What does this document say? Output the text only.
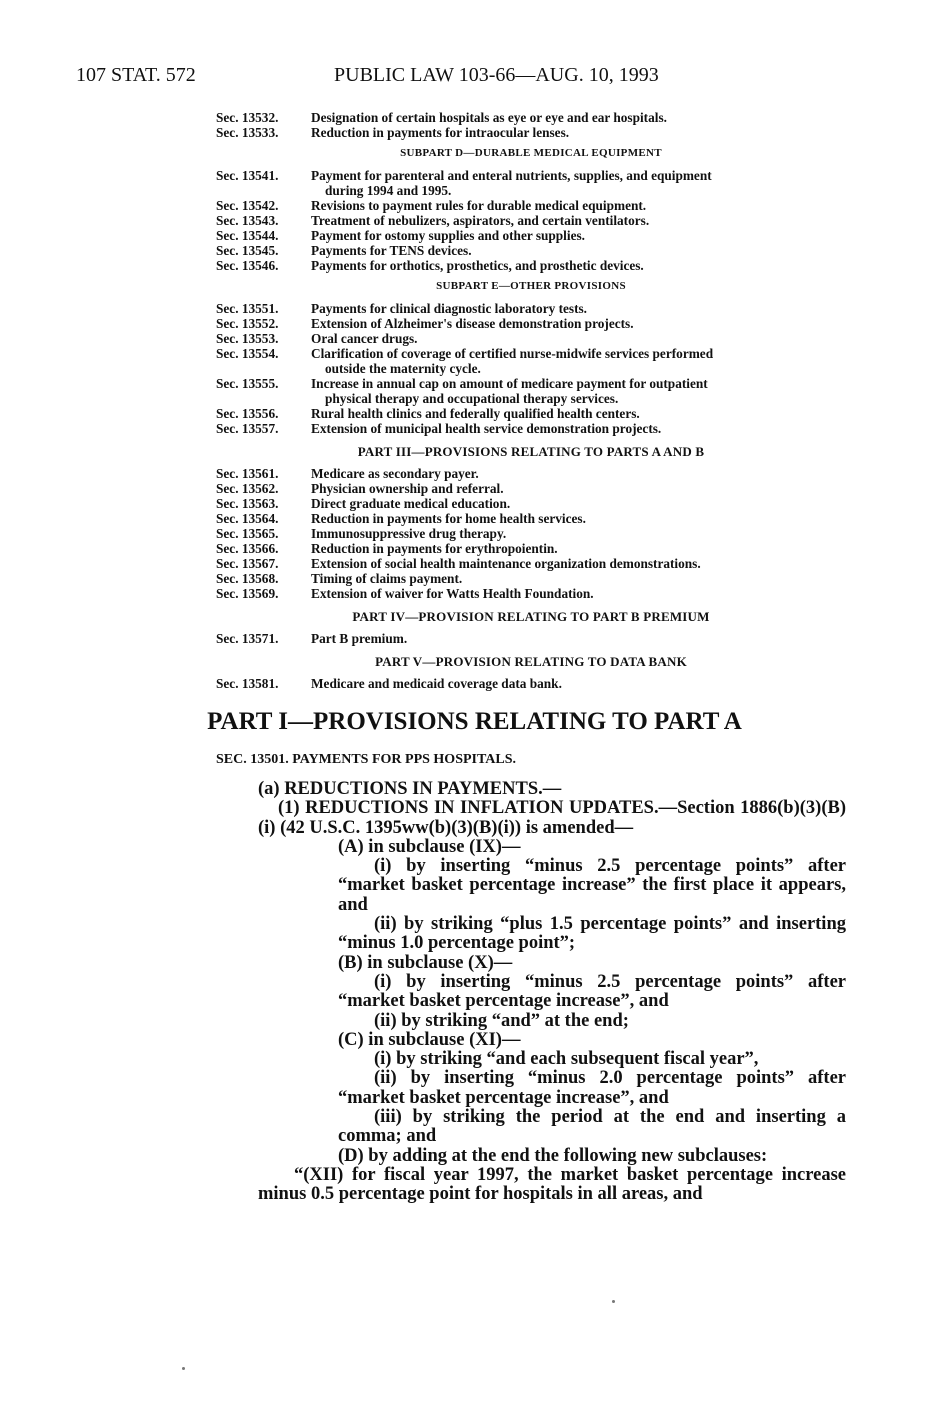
107 STAT. 572	PUBLIC LAW 103-66—AUG. 10, 1993
Sec. 13532.	Designation of certain hospitals as eye or eye and ear hospitals.
Sec. 13533.	Reduction in payments for intraocular lenses.
SUBPART D—DURABLE MEDICAL EQUIPMENT
Sec. 13541.	Payment for parenteral and enteral nutrients, supplies, and equipment
during 1994 and 1995.
Sec. 13542.	Revisions to payment rules for durable medical equipment.
Sec. 13543.	Treatment of nebulizers, aspirators, and certain ventilators.
Sec. 13544.	Payment for ostomy supplies and other supplies.
Sec. 13545.	Payments for TENS devices.
Sec. 13546.	Payments for orthotics, prosthetics, and prosthetic devices.
SUBPART E—OTHER PROVISIONS
Sec. 13551.	Payments for clinical diagnostic laboratory tests.
Sec. 13552.	Extension of Alzheimer's disease demonstration projects.
Sec. 13553.	Oral cancer drugs.
Sec. 13554.	Clarification of coverage of certified nurse-midwife services performed
outside the maternity cycle.
Sec. 13555.	Increase in annual cap on amount of medicare payment for outpatient
physical therapy and occupational therapy services.
Sec. 13556.	Rural health clinics and federally qualified health centers.
Sec. 13557.	Extension of municipal health service demonstration projects.
PART III—PROVISIONS RELATING TO PARTS A AND B
Sec. 13561.	Medicare as secondary payer.
Sec. 13562.	Physician ownership and referral.
Sec. 13563.	Direct graduate medical education.
Sec. 13564.	Reduction in payments for home health services.
Sec. 13565.	Immunosuppressive drug therapy.
Sec. 13566.	Reduction in payments for erythropoientin.
Sec. 13567.	Extension of social health maintenance organization demonstrations.
Sec. 13568.	Timing of claims payment.
Sec. 13569.	Extension of waiver for Watts Health Foundation.
PART IV—PROVISION RELATING TO PART B PREMIUM
Sec. 13571.	Part B premium.
PART V—PROVISION RELATING TO DATA BANK
Sec. 13581.	Medicare and medicaid coverage data bank.
PART I—PROVISIONS RELATING TO PART A
SEC. 13501. PAYMENTS FOR PPS HOSPITALS.

(a) REDUCTIONS IN PAYMENTS.—

(1) REDUCTIONS IN INFLATION UPDATES.—Section 1886(b)(3)(B)(i) (42 U.S.C. 1395ww(b)(3)(B)(i)) is amended—

(A) in subclause (IX)—

(i) by inserting “minus 2.5 percentage points” after “market basket percentage increase” the first place it appears, and

(ii) by striking “plus 1.5 percentage points” and inserting “minus 1.0 percentage point”;

(B) in subclause (X)—

(i) by inserting “minus 2.5 percentage points” after “market basket percentage increase”, and

(ii) by striking “and” at the end;

(C) in subclause (XI)—

(i) by striking “and each subsequent fiscal year”,

(ii) by inserting “minus 2.0 percentage points” after “market basket percentage increase”, and

(iii) by striking the period at the end and inserting a comma; and

(D) by adding at the end the following new subclauses:

“(XII) for fiscal year 1997, the market basket percentage increase minus 0.5 percentage point for hospitals in all areas, and
